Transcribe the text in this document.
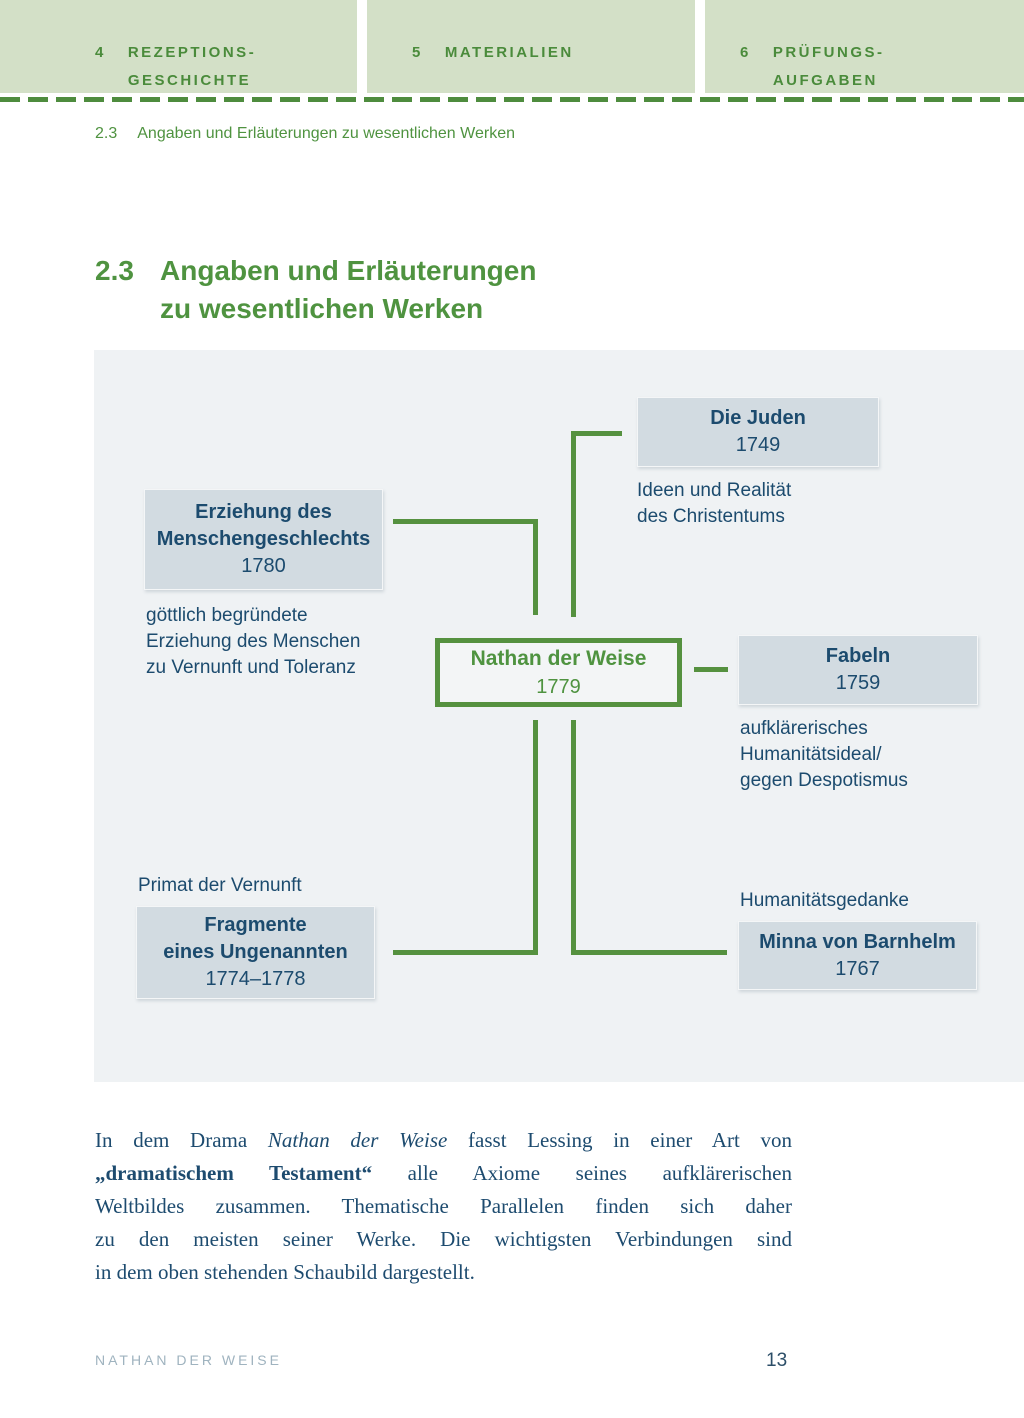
4 REZEPTIONS-
GESCHICHTE
5 MATERIALIEN	6 PRÜFUNGS-
AUFGABEN
2.3 Angaben und Erläuterungen zu wesentlichen Werken
2.3 Angaben und Erläuterungen
zu wesentlichen Werken
Die Juden
1749
Ideen und Realität
des Christentums
Erziehung des
Menschengeschlechts
1780
göttlich begründete
Erziehung des Menschen
zu Vernunft und Toleranz	Nathan der Weise
1779
Fabeln
1759
aufklärerisches
Humanitätsideal/
gegen Despotismus
Primat der Vernunft
Fragmente
eines Ungenannten
1774–1778
Humanitätsgedanke
Minna von Barnhelm
1767
In dem Drama Nathan der Weise fasst Lessing in einer Art von
„dramatischem Testament“ alle Axiome seines aufklärerischen
Weltbildes zusammen. Thematische Parallelen finden sich daher
zu den meisten seiner Werke. Die wichtigsten Verbindungen sind
in dem oben stehenden Schaubild dargestellt.
NATHAN DER WEISE	13
